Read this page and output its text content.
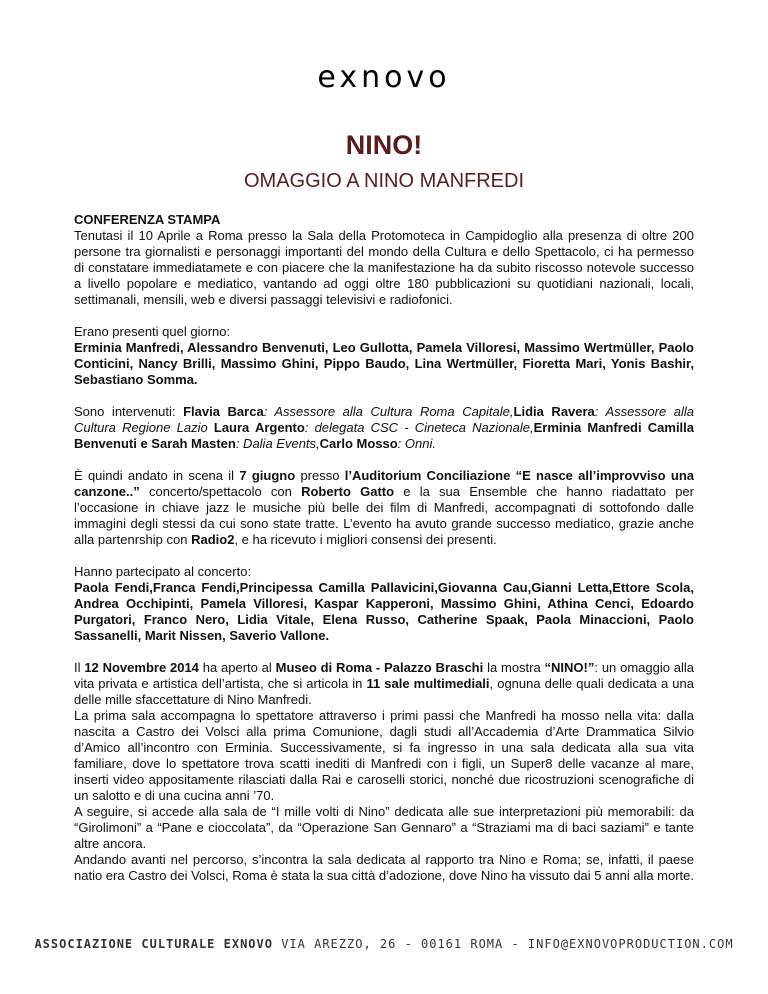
exnovo
NINO!
OMAGGIO A NINO MANFREDI

CONFERENZA STAMPA
Tenutasi il 10 Aprile a Roma presso la Sala della Protomoteca in Campidoglio alla presenza di oltre 200 persone tra giornalisti e personaggi importanti del mondo della Cultura e dello Spettacolo, ci ha permesso di constatare immediatamete e con piacere che la manifestazione ha da subito riscosso notevole successo a livello popolare e mediatico, vantando ad oggi oltre 180 pubblicazioni su quotidiani nazionali, locali, settimanali, mensili, web e diversi passaggi televisivi e radiofonici.

Erano presenti quel giorno:
Erminia Manfredi, Alessandro Benvenuti, Leo Gullotta, Pamela Villoresi, Massimo Wertmüller, Paolo Conticini, Nancy Brilli, Massimo Ghini, Pippo Baudo, Lina Wertmüller, Fioretta Mari, Yonis Bashir, Sebastiano Somma.

Sono intervenuti: Flavia Barca: Assessore alla Cultura Roma Capitale,Lidia Ravera: Assessore alla Cultura Regione Lazio Laura Argento: delegata CSC - Cineteca Nazionale,Erminia Manfredi Camilla Benvenuti e Sarah Masten: Dalia Events,Carlo Mosso: Onni.

È quindi andato in scena il 7 giugno presso l’Auditorium Conciliazione “E nasce all’improvviso una canzone..” concerto/spettacolo con Roberto Gatto e la sua Ensemble che hanno riadattato per l’occasione in chiave jazz le musiche più belle dei film di Manfredi, accompagnati di sottofondo dalle immagini degli stessi da cui sono state tratte. L’evento ha avuto grande successo mediatico, grazie anche alla partenrship con Radio2, e ha ricevuto i migliori consensi dei presenti.

Hanno partecipato al concerto:
Paola Fendi,Franca Fendi,Principessa Camilla Pallavicini,Giovanna Cau,Gianni Letta,Ettore Scola, Andrea Occhipinti, Pamela Villoresi, Kaspar Kapperoni, Massimo Ghini, Athina Cenci, Edoardo Purgatori, Franco Nero, Lidia Vitale, Elena Russo, Catherine Spaak, Paola Minaccioni, Paolo Sassanelli, Marit Nissen, Saverio Vallone.

Il 12 Novembre 2014 ha aperto al Museo di Roma - Palazzo Braschi la mostra “NINO!”: un omaggio alla vita privata e artistica dell’artista, che si articola in 11 sale multimediali, ognuna delle quali dedicata a una delle mille sfaccettature di Nino Manfredi.
La prima sala accompagna lo spettatore attraverso i primi passi che Manfredi ha mosso nella vita: dalla nascita a Castro dei Volsci alla prima Comunione, dagli studi all’Accademia d’Arte Drammatica Silvio d’Amico all’incontro con Erminia. Successivamente, si fa ingresso in una sala dedicata alla sua vita familiare, dove lo spettatore trova scatti inediti di Manfredi con i figli, un Super8 delle vacanze al mare, inserti video appositamente rilasciati dalla Rai e caroselli storici, nonché due ricostruzioni scenografiche di un salotto e di una cucina anni ’70.
A seguire, si accede alla sala de “I mille volti di Nino” dedicata alle sue interpretazioni più memorabili: da “Girolimoni” a “Pane e cioccolata”, da “Operazione San Gennaro” a “Straziami ma di baci saziami” e tante altre ancora.
Andando avanti nel percorso, s’incontra la sala dedicata al rapporto tra Nino e Roma; se, infatti, il paese natio era Castro dei Volsci, Roma è stata la sua città d’adozione, dove Nino ha vissuto dai 5 anni alla morte.

ASSOCIAZIONE CULTURALE EXNOVO VIA AREZZO, 26 - 00161 ROMA - INFO@EXNOVOPRODUCTION.COM
